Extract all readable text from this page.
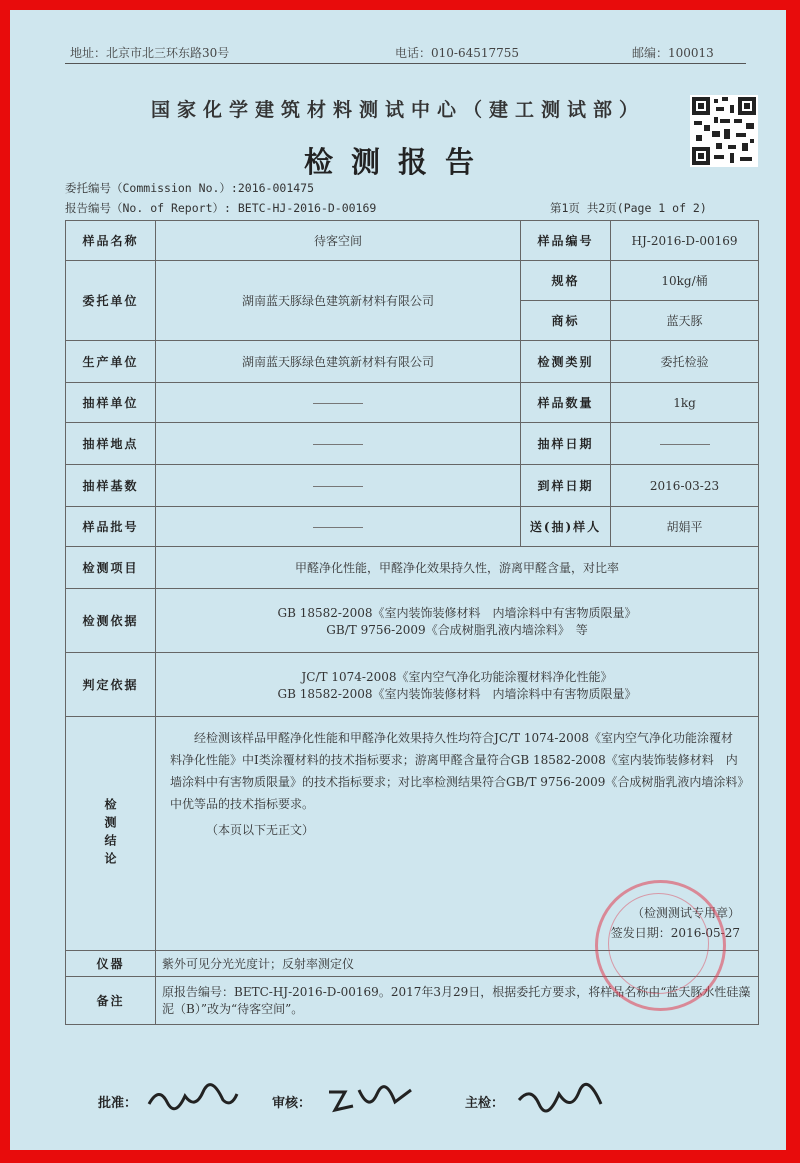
地址：北京市北三环东路30号	电话：010-64517755	邮编：100013
国家化学建筑材料测试中心（建工测试部）
检测报告
委托编号（Commission No.）:2016-001475
报告编号（No. of Report）: BETC-HJ-2016-D-00169	第1页 共2页(Page 1 of 2)
样品名称	待客空间	样品编号	HJ-2016-D-00169
委托单位	湖南蓝天豚绿色建筑新材料有限公司	规格	10kg/桶
		商标	蓝天豚
生产单位	湖南蓝天豚绿色建筑新材料有限公司	检测类别	委托检验
抽样单位		样品数量	1kg
抽样地点		抽样日期	
抽样基数		到样日期	2016-03-23
样品批号		送(抽)样人	胡娟平
检测项目	甲醛净化性能，甲醛净化效果持久性，游离甲醛含量，对比率		
检测依据	GB 18582-2008《室内装饰装修材料　内墙涂料中有害物质限量》
GB/T 9756-2009《合成树脂乳液内墙涂料》　等		

判定依据	JC/T 1074-2008《室内空气净化功能涂覆材料净化性能》
GB 18582-2008《室内装饰装修材料　内墙涂料中有害物质限量》		

检测结论	经检测该样品甲醛净化性能和甲醛净化效果持久性均符合JC/T 1074-2008《室内空气净化功能涂覆材料净化性能》中Ⅰ类涂覆材料的技术指标要求；游离甲醛含量符合GB 18582-2008《室内装饰装修材料　内墙涂料中有害物质限量》的技术指标要求；对比率检测结果符合GB/T 9756-2009《合成树脂乳液内墙涂料》中优等品的技术指标要求。
（本页以下无正文）
（检测测试专用章）
签发日期：2016-05-27		

仪器	紫外可见分光光度计；反射率测定仪		
备注	原报告编号：BETC-HJ-2016-D-00169。2017年3月29日，根据委托方要求，将样品名称由“蓝天豚水性硅藻泥（B）”改为“待客空间”。		
批准：	审核：	主检：
